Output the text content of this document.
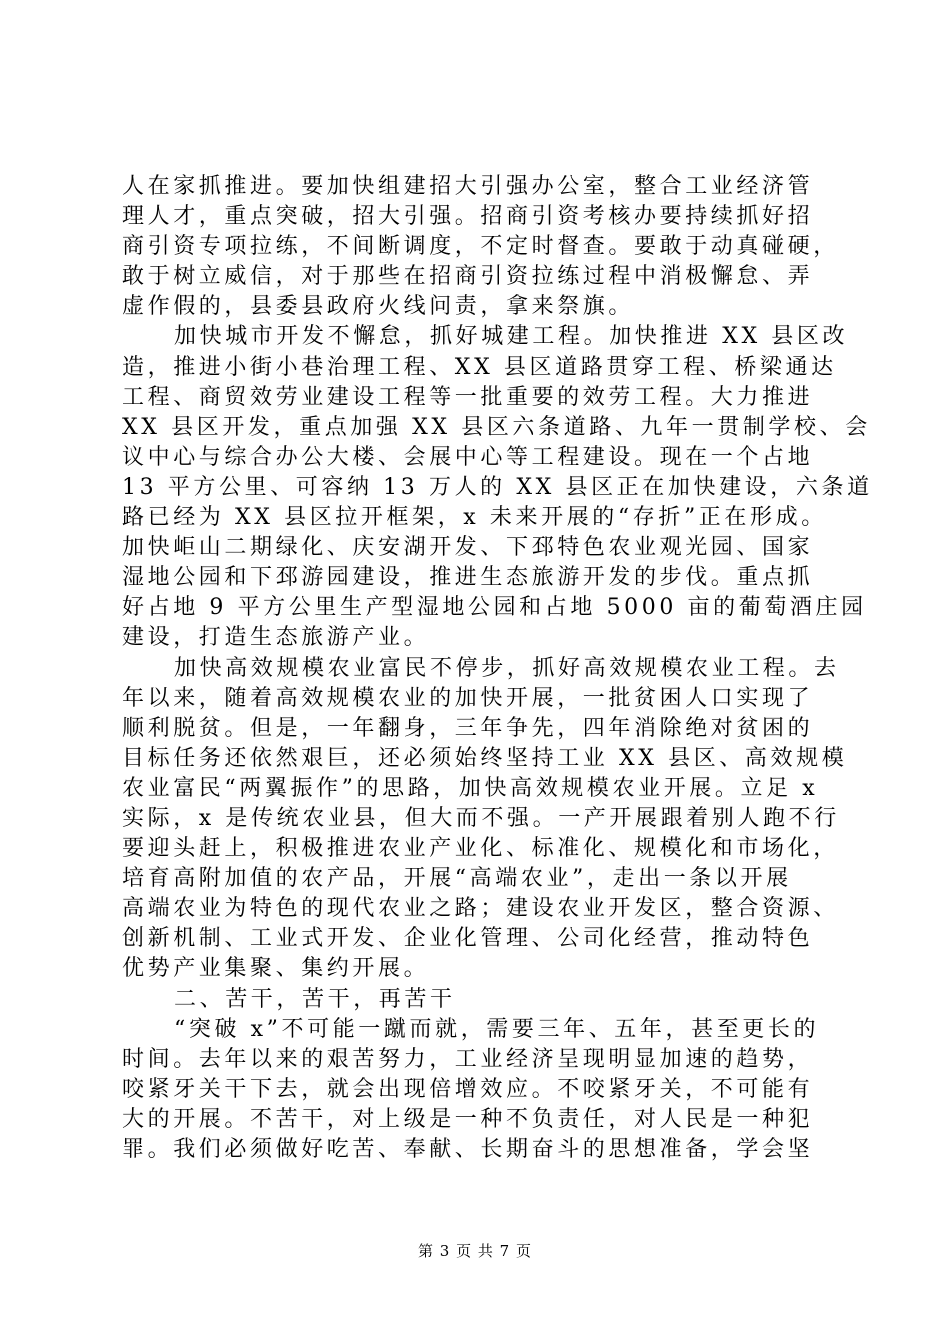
人在家抓推进。要加快组建招大引强办公室，整合工业经济管
理人才，重点突破，招大引强。招商引资考核办要持续抓好招
商引资专项拉练，不间断调度，不定时督查。要敢于动真碰硬，
敢于树立威信，对于那些在招商引资拉练过程中消极懈怠、弄
虚作假的，县委县政府火线问责，拿来祭旗。
加快城市开发不懈怠，抓好城建工程。加快推进 XX 县区改
造，推进小街小巷治理工程、XX 县区道路贯穿工程、桥梁通达
工程、商贸效劳业建设工程等一批重要的效劳工程。大力推进
XX 县区开发，重点加强 XX 县区六条道路、九年一贯制学校、会
议中心与综合办公大楼、会展中心等工程建设。现在一个占地
13 平方公里、可容纳 13 万人的 XX 县区正在加快建设，六条道
路已经为 XX 县区拉开框架，x 未来开展的“存折”正在形成。
加快岠山二期绿化、庆安湖开发、下邳特色农业观光园、国家
湿地公园和下邳游园建设，推进生态旅游开发的步伐。重点抓
好占地 9 平方公里生产型湿地公园和占地 5000 亩的葡萄酒庄园
建设，打造生态旅游产业。
加快高效规模农业富民不停步，抓好高效规模农业工程。去
年以来，随着高效规模农业的加快开展，一批贫困人口实现了
顺利脱贫。但是，一年翻身，三年争先，四年消除绝对贫困的
目标任务还依然艰巨，还必须始终坚持工业 XX 县区、高效规模
农业富民“两翼振作”的思路，加快高效规模农业开展。立足 x
实际，x 是传统农业县，但大而不强。一产开展跟着别人跑不行
要迎头赶上，积极推进农业产业化、标准化、规模化和市场化，
培育高附加值的农产品，开展“高端农业”，走出一条以开展
高端农业为特色的现代农业之路；建设农业开发区，整合资源、
创新机制、工业式开发、企业化管理、公司化经营，推动特色
优势产业集聚、集约开展。
二、苦干，苦干，再苦干
“突破 x”不可能一蹴而就，需要三年、五年，甚至更长的
时间。去年以来的艰苦努力，工业经济呈现明显加速的趋势，
咬紧牙关干下去，就会出现倍增效应。不咬紧牙关，不可能有
大的开展。不苦干，对上级是一种不负责任，对人民是一种犯
罪。我们必须做好吃苦、奉献、长期奋斗的思想准备，学会坚
第 3 页 共 7 页
